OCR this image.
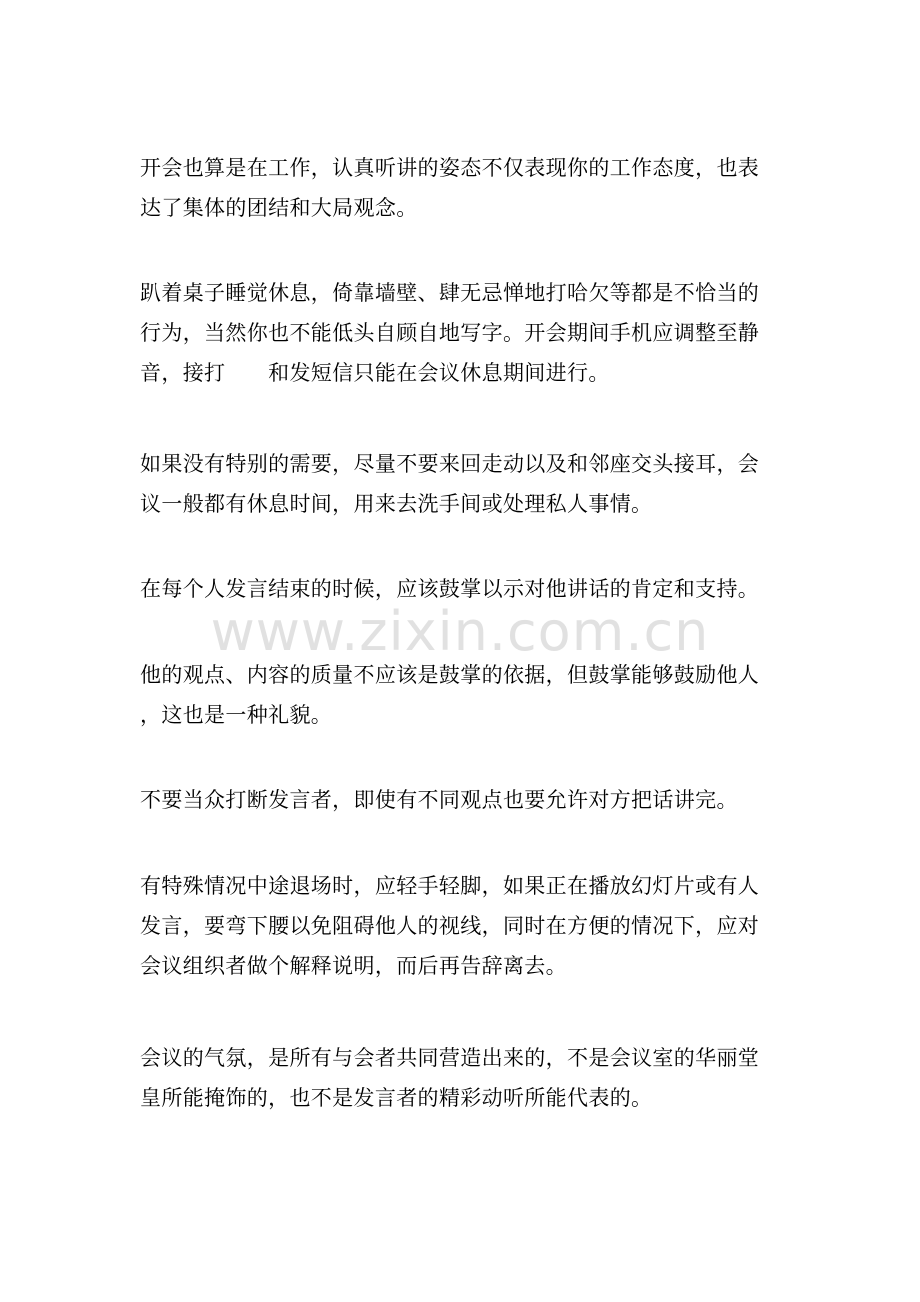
开会也算是在工作，认真听讲的姿态不仅表现你的工作态度，也表
达了集体的团结和大局观念。
趴着桌子睡觉休息，倚靠墙壁、肆无忌惮地打哈欠等都是不恰当的
行为，当然你也不能低头自顾自地写字。开会期间手机应调整至静
音，接打　　和发短信只能在会议休息期间进行。
如果没有特别的需要，尽量不要来回走动以及和邻座交头接耳，会
议一般都有休息时间，用来去洗手间或处理私人事情。
在每个人发言结束的时候，应该鼓掌以示对他讲话的肯定和支持。
他的观点、内容的质量不应该是鼓掌的依据，但鼓掌能够鼓励他人
，这也是一种礼貌。
不要当众打断发言者，即使有不同观点也要允许对方把话讲完。
有特殊情况中途退场时，应轻手轻脚，如果正在播放幻灯片或有人
发言，要弯下腰以免阻碍他人的视线，同时在方便的情况下，应对
会议组织者做个解释说明，而后再告辞离去。
会议的气氛，是所有与会者共同营造出来的，不是会议室的华丽堂
皇所能掩饰的，也不是发言者的精彩动听所能代表的。
www.zixin.com.cn
